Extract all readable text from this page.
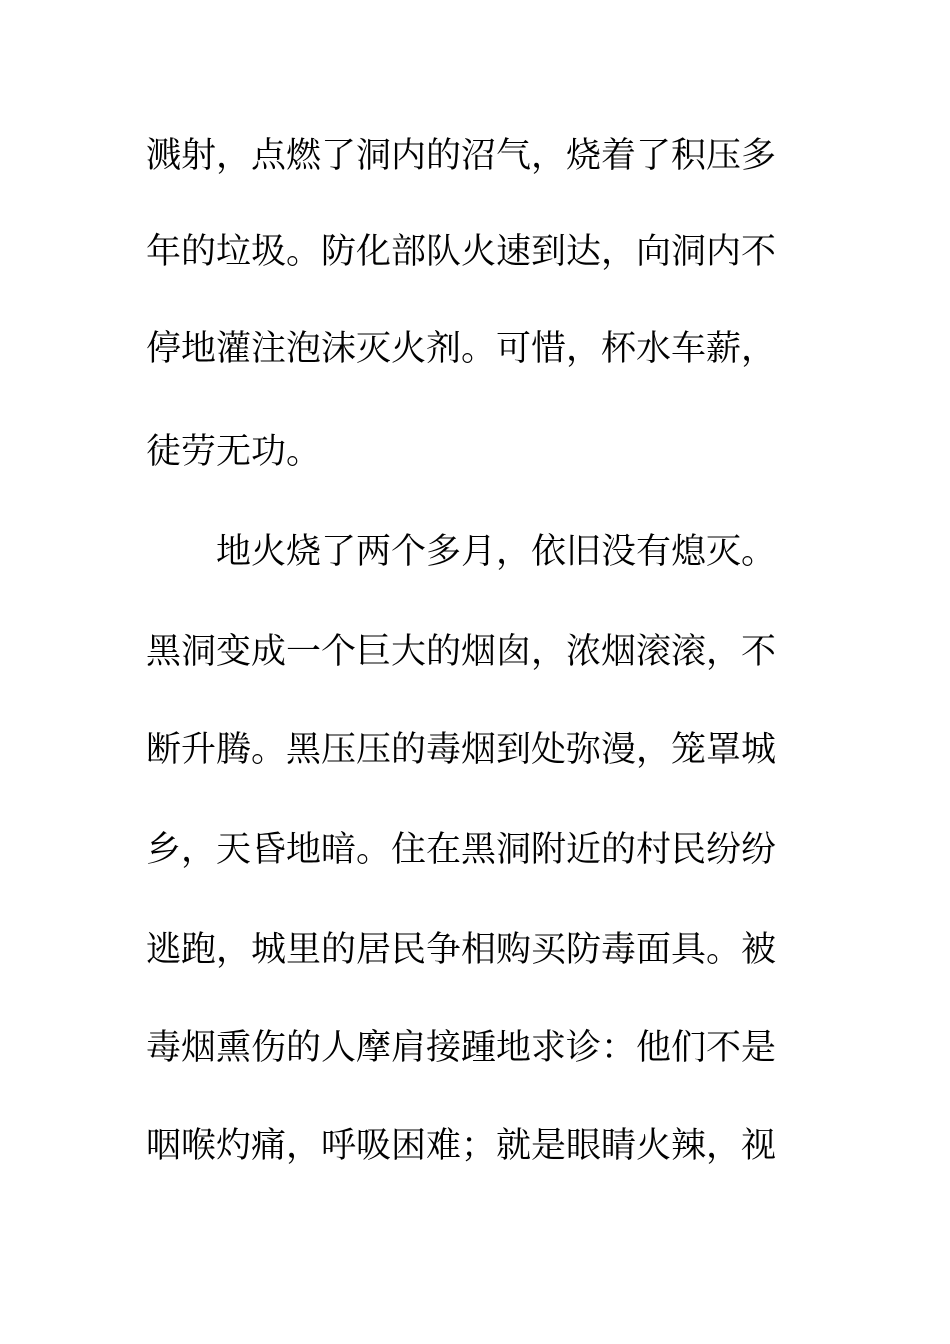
溅射，点燃了洞内的沼气，烧着了积压多
年的垃圾。防化部队火速到达，向洞内不
停地灌注泡沫灭火剂。可惜，杯水车薪，
徒劳无功。
地火烧了两个多月，依旧没有熄灭。
黑洞变成一个巨大的烟囱，浓烟滚滚，不
断升腾。黑压压的毒烟到处弥漫，笼罩城
乡，天昏地暗。住在黑洞附近的村民纷纷
逃跑，城里的居民争相购买防毒面具。被
毒烟熏伤的人摩肩接踵地求诊：他们不是
咽喉灼痛，呼吸困难；就是眼睛火辣，视
